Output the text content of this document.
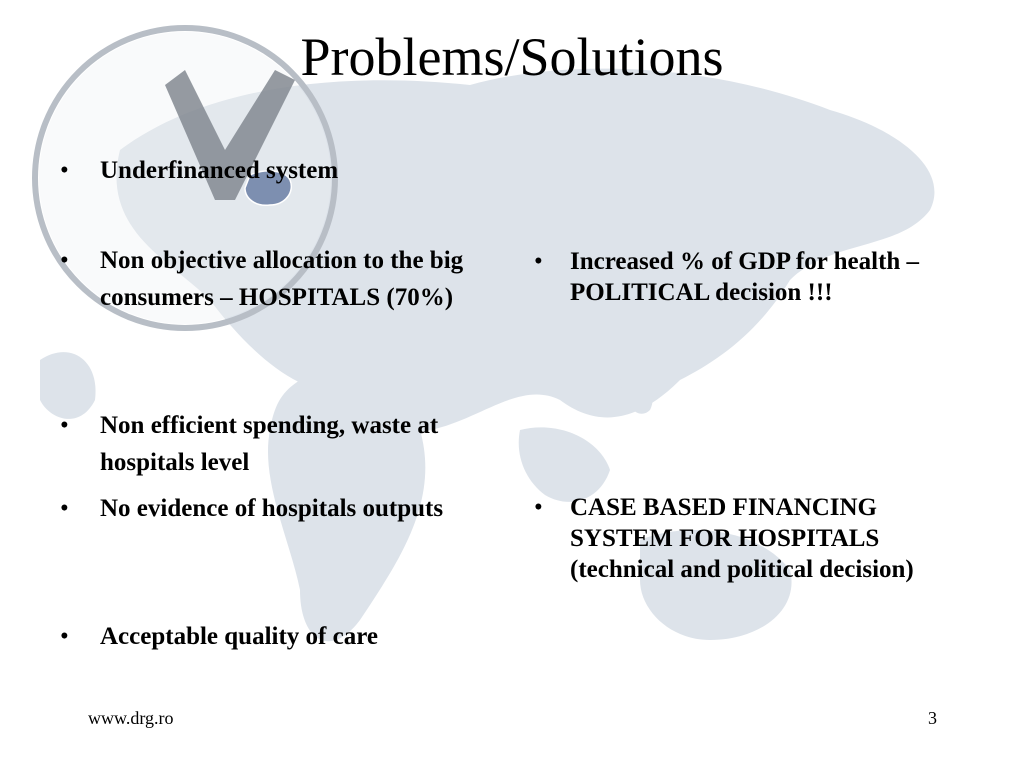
Problems/Solutions
• Underfinanced system
• Non objective allocation to the big consumers – HOSPITALS (70%)
• Non efficient spending, waste at hospitals level
• No evidence of hospitals outputs
• Acceptable quality of care
• Increased % of GDP for health – POLITICAL decision !!!
• CASE BASED FINANCING SYSTEM FOR HOSPITALS (technical and political decision)
www.drg.ro	3
